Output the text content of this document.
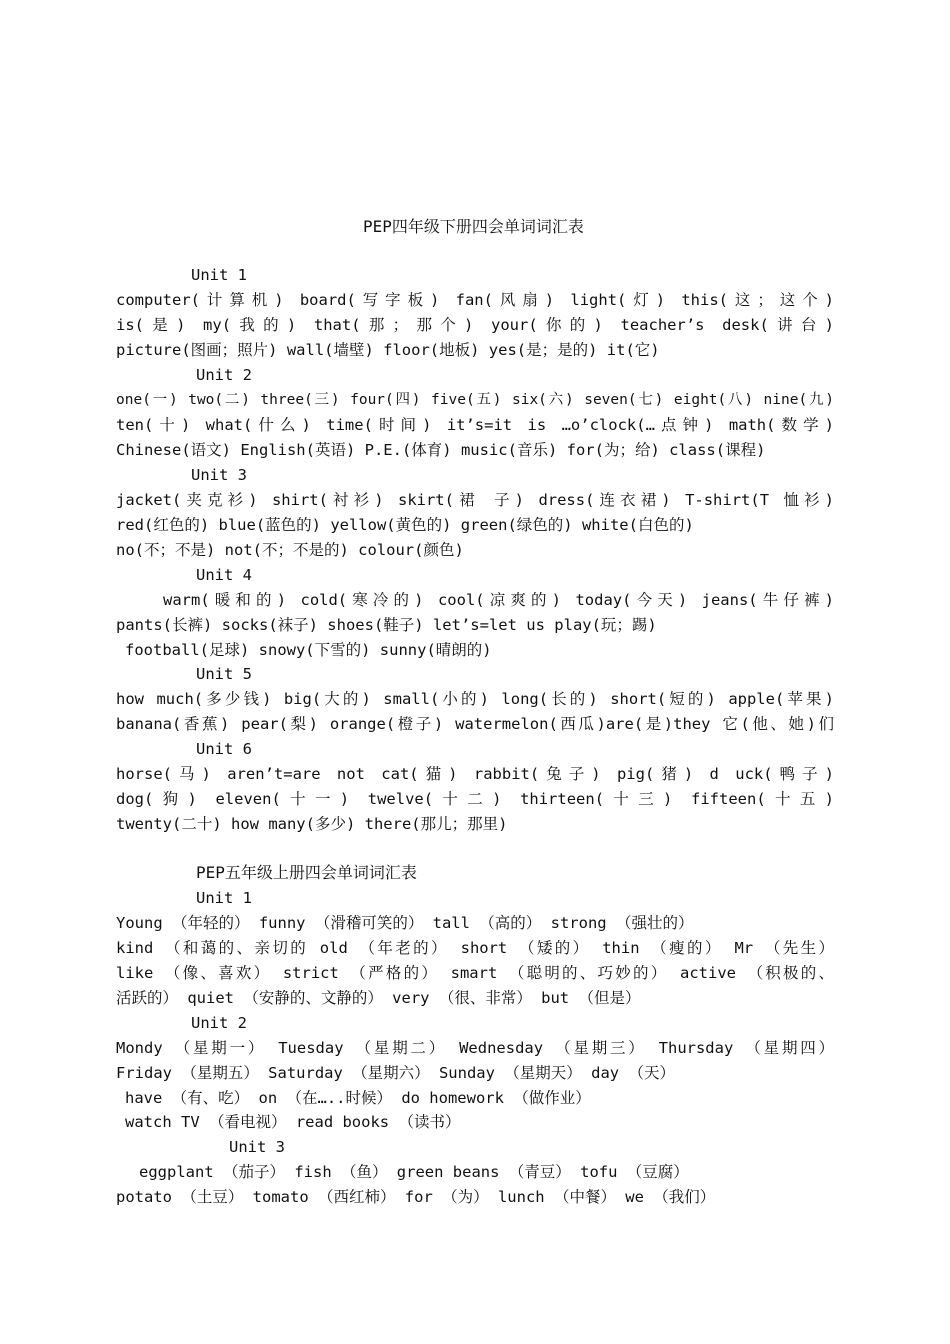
PEP四年级下册四会单词词汇表
Unit 1
computer(计算机) board(写字板) fan(风扇) light(灯) this(这；这个)
is(是) my(我的) that(那；那个) your(你的) teacher’s desk(讲台)
picture(图画；照片) wall(墙壁) floor(地板) yes(是；是的) it(它)
Unit 2
one(一) two(二) three(三) four(四) five(五) six(六) seven(七) eight(八) nine(九)
ten(十) what(什么) time(时间) it’s=it is …o’clock(…点钟) math(数学)
Chinese(语文) English(英语) P.E.(体育) music(音乐) for(为；给) class(课程)
Unit 3
jacket(夹克衫) shirt(衬衫) skirt(裙 子) dress(连衣裙) T-shirt(T 恤衫)
red(红色的) blue(蓝色的) yellow(黄色的) green(绿色的) white(白色的)
no(不；不是) not(不；不是的) colour(颜色)
Unit 4
warm(暖和的) cold(寒冷的) cool(凉爽的) today(今天) jeans(牛仔裤)
pants(长裤) socks(袜子) shoes(鞋子) let’s=let us play(玩；踢)
football(足球) snowy(下雪的) sunny(晴朗的)
Unit 5
how much(多少钱) big(大的) small(小的) long(长的) short(短的) apple(苹果)
banana(香蕉) pear(梨) orange(橙子) watermelon(西瓜)are(是)they 它(他、她)们
Unit 6
horse(马) aren’t=are not cat(猫) rabbit(兔子) pig(猪) d uck(鸭子)
dog(狗) eleven(十一) twelve(十二) thirteen(十三) fifteen(十五)
twenty(二十) how many(多少) there(那儿；那里)
PEP五年级上册四会单词词汇表
Unit 1
Young （年轻的） funny （滑稽可笑的） tall （高的） strong （强壮的）
kind （和蔼的、亲切的 old （年老的） short （矮的） thin （瘦的） Mr （先生）
like （像、喜欢） strict （严格的） smart （聪明的、巧妙的） active （积极的、
活跃的） quiet （安静的、文静的） very （很、非常） but （但是）
Unit 2
Mondy （星期一） Tuesday （星期二） Wednesday （星期三） Thursday （星期四）
Friday （星期五） Saturday （星期六） Sunday （星期天） day （天）
have （有、吃） on （在…..时候） do homework （做作业）
watch TV （看电视） read books （读书）
Unit 3
eggplant （茄子） fish （鱼） green beans （青豆） tofu （豆腐）
potato （土豆） tomato （西红柿） for （为） lunch （中餐） we （我们）
